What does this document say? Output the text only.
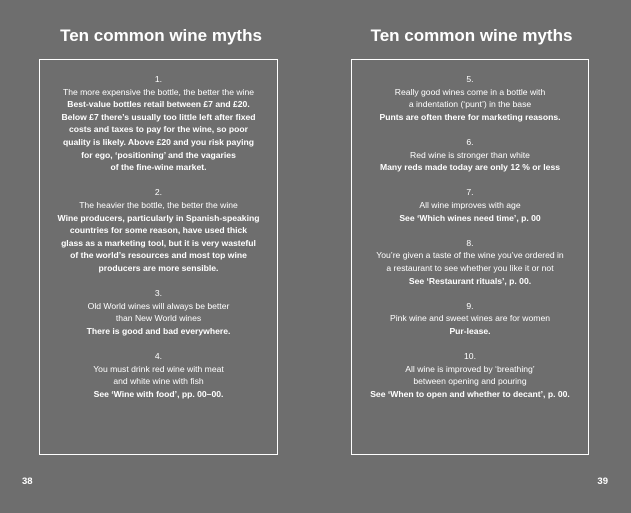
Ten common wine myths
1.
The more expensive the bottle, the better the wine
Best-value bottles retail between £7 and £20.
Below £7 there’s usually too little left after fixed
costs and taxes to pay for the wine, so poor
quality is likely. Above £20 and you risk paying
for ego, ‘positioning’ and the vagaries
of the fine-wine market.
2.
The heavier the bottle, the better the wine
Wine producers, particularly in Spanish-speaking
countries for some reason, have used thick
glass as a marketing tool, but it is very wasteful
of the world’s resources and most top wine
producers are more sensible.
3.
Old World wines will always be better
than New World wines
There is good and bad everywhere.
4.
You must drink red wine with meat
and white wine with fish
See ‘Wine with food’, pp. 00–00.
38
Ten common wine myths
5.
Really good wines come in a bottle with
a indentation (‘punt’) in the base
Punts are often there for marketing reasons.
6.
Red wine is stronger than white
Many reds made today are only 12 % or less
7.
All wine improves with age
See ‘Which wines need time’, p. 00
8.
You’re given a taste of the wine you’ve ordered in
a restaurant to see whether you like it or not
See ‘Restaurant rituals’, p. 00.
9.
Pink wine and sweet wines are for women
Pur-lease.
10.
All wine is improved by ‘breathing’
between opening and pouring
See ‘When to open and whether to decant’, p. 00.
39
